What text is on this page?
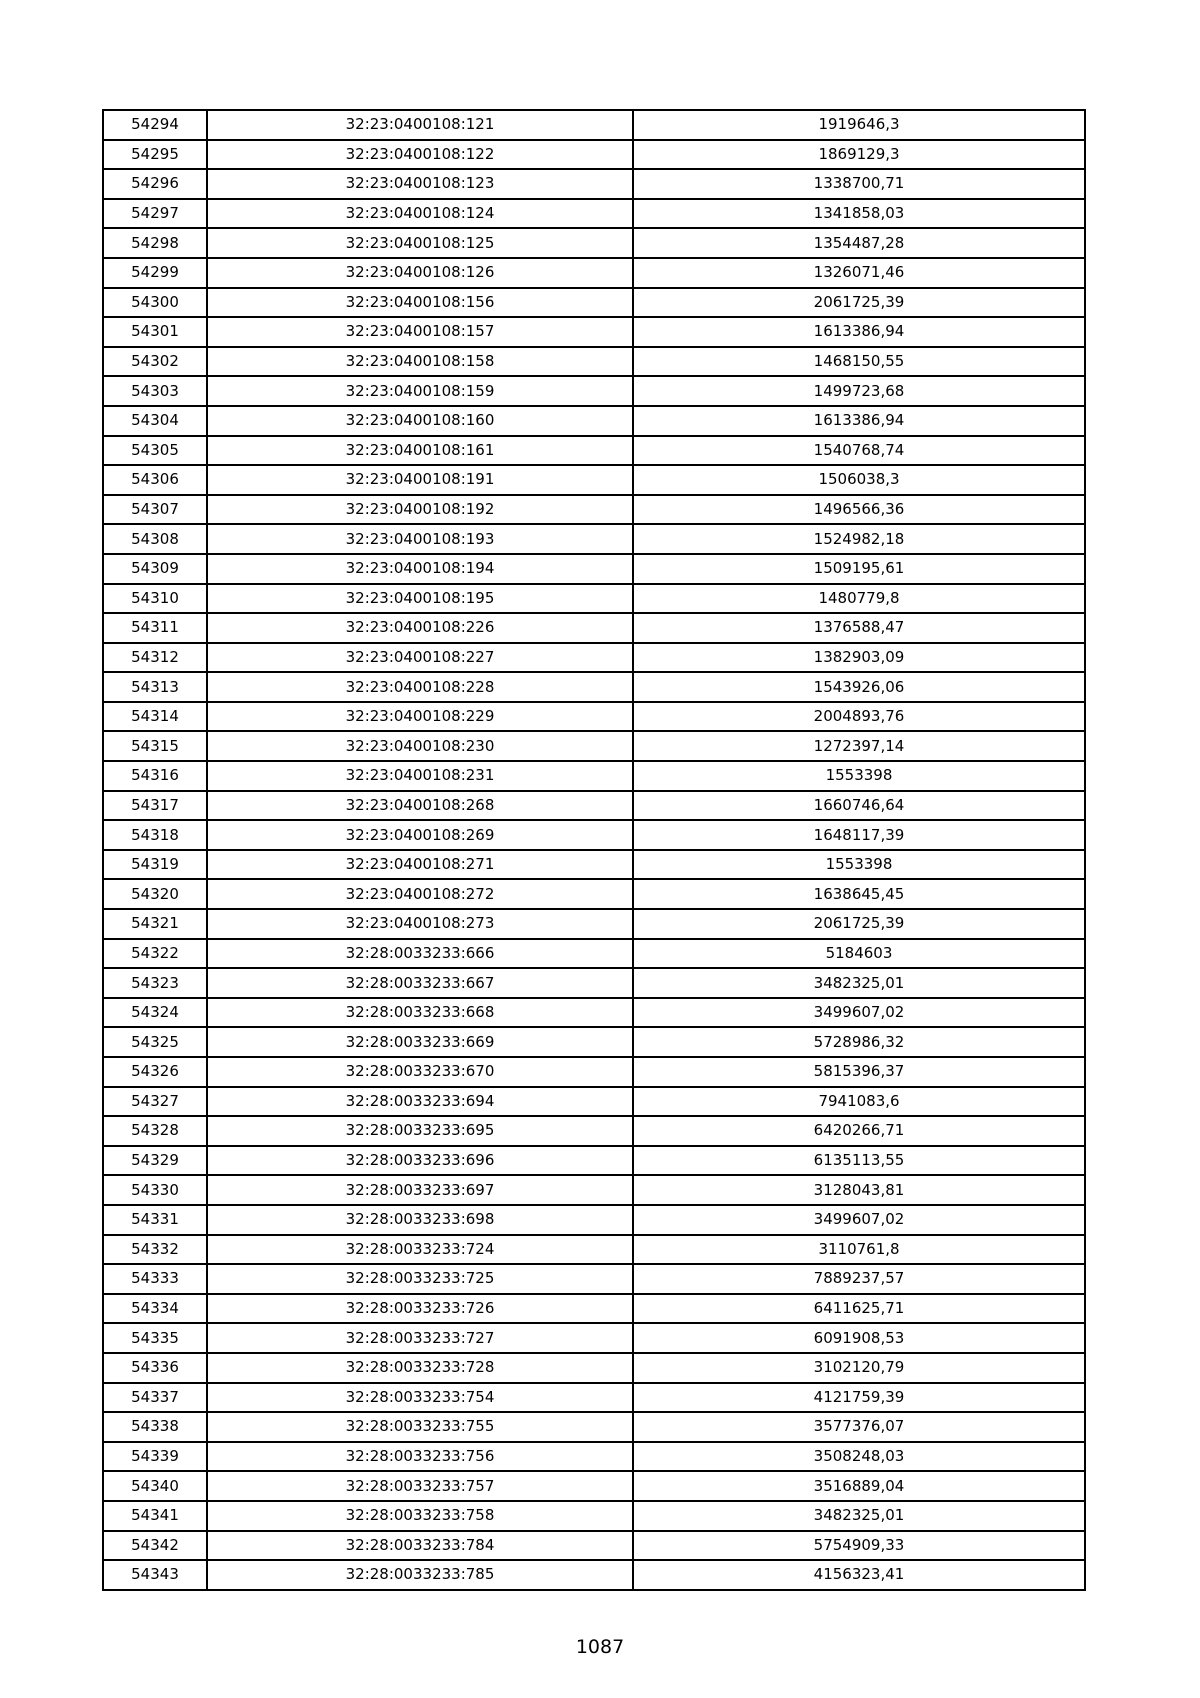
54294	32:23:0400108:121	1919646,3
54295	32:23:0400108:122	1869129,3
54296	32:23:0400108:123	1338700,71
54297	32:23:0400108:124	1341858,03
54298	32:23:0400108:125	1354487,28
54299	32:23:0400108:126	1326071,46
54300	32:23:0400108:156	2061725,39
54301	32:23:0400108:157	1613386,94
54302	32:23:0400108:158	1468150,55
54303	32:23:0400108:159	1499723,68
54304	32:23:0400108:160	1613386,94
54305	32:23:0400108:161	1540768,74
54306	32:23:0400108:191	1506038,3
54307	32:23:0400108:192	1496566,36
54308	32:23:0400108:193	1524982,18
54309	32:23:0400108:194	1509195,61
54310	32:23:0400108:195	1480779,8
54311	32:23:0400108:226	1376588,47
54312	32:23:0400108:227	1382903,09
54313	32:23:0400108:228	1543926,06
54314	32:23:0400108:229	2004893,76
54315	32:23:0400108:230	1272397,14
54316	32:23:0400108:231	1553398
54317	32:23:0400108:268	1660746,64
54318	32:23:0400108:269	1648117,39
54319	32:23:0400108:271	1553398
54320	32:23:0400108:272	1638645,45
54321	32:23:0400108:273	2061725,39
54322	32:28:0033233:666	5184603
54323	32:28:0033233:667	3482325,01
54324	32:28:0033233:668	3499607,02
54325	32:28:0033233:669	5728986,32
54326	32:28:0033233:670	5815396,37
54327	32:28:0033233:694	7941083,6
54328	32:28:0033233:695	6420266,71
54329	32:28:0033233:696	6135113,55
54330	32:28:0033233:697	3128043,81
54331	32:28:0033233:698	3499607,02
54332	32:28:0033233:724	3110761,8
54333	32:28:0033233:725	7889237,57
54334	32:28:0033233:726	6411625,71
54335	32:28:0033233:727	6091908,53
54336	32:28:0033233:728	3102120,79
54337	32:28:0033233:754	4121759,39
54338	32:28:0033233:755	3577376,07
54339	32:28:0033233:756	3508248,03
54340	32:28:0033233:757	3516889,04
54341	32:28:0033233:758	3482325,01
54342	32:28:0033233:784	5754909,33
54343	32:28:0033233:785	4156323,41
1087
